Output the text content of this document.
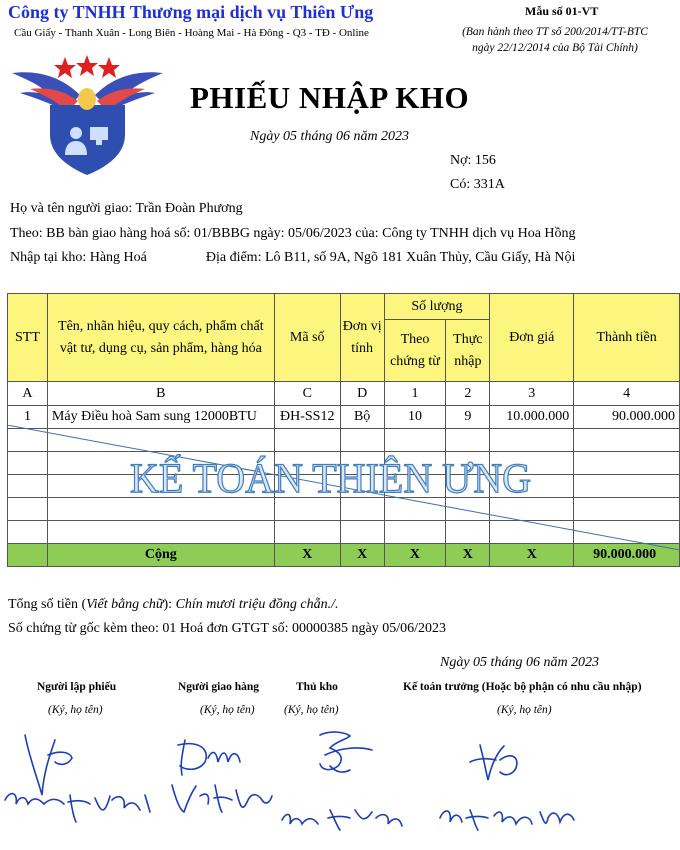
Công ty TNHH Thương mại dịch vụ Thiên Ưng
Cầu Giấy - Thanh Xuân - Long Biên - Hoàng Mai - Hà Đông - Q3 - TĐ - Online
Mẫu số 01-VT
(Ban hành theo TT số 200/2014/TT-BTC
ngày 22/12/2014 của Bộ Tài Chính)
PHIẾU NHẬP KHO
Ngày 05 tháng 06 năm 2023
Nợ: 156
Có: 331A
Họ và tên người giao: Trần Đoàn Phương
Theo: BB bàn giao hàng hoá số: 01/BBBG ngày: 05/06/2023 của: Công ty TNHH dịch vụ Hoa Hồng
Nhập tại kho: Hàng Hoá	Địa điểm: Lô B11, số 9A, Ngõ 181 Xuân Thủy, Cầu Giấy, Hà Nội
STT	Tên, nhãn hiệu, quy cách, phẩm chất vật tư, dụng cụ, sản phẩm, hàng hóa	Mã số	Đơn vị tính	Số lượng		Đơn giá	Thành tiền
				Theo chứng từ	Thực nhập		
A	B	C	D	1	2	3	4
1	Máy Điều hoà Sam sung 12000BTU	ĐH-SS12	Bộ	10	9	10.000.000	90.000.000

	Cộng	X	X	X	X	X	90.000.000
KẾ TOÁN THIÊN ƯNG
Tổng số tiền (Viết bằng chữ): Chín mươi triệu đồng chẵn./.
Số chứng từ gốc kèm theo: 01 Hoá đơn GTGT số: 00000385 ngày 05/06/2023
Ngày 05 tháng 06 năm 2023
Người lập phiếu
(Ký, họ tên)
Người giao hàng
(Ký, họ tên)
Thủ kho
(Ký, họ tên)
Kế toán trưởng (Hoặc bộ phận có nhu cầu nhập)
(Ký, họ tên)
